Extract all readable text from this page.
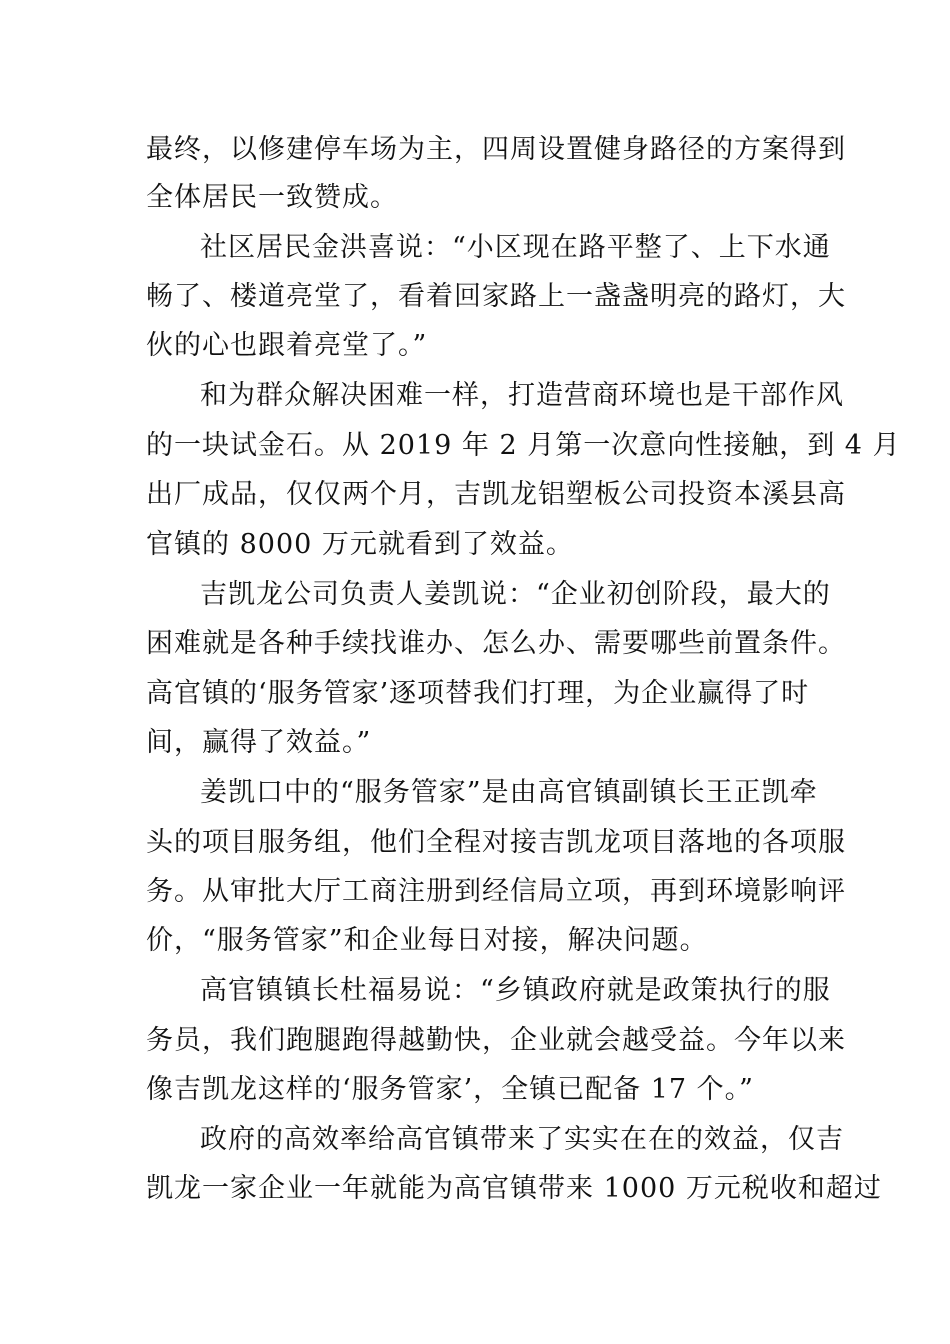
最终，以修建停车场为主，四周设置健身路径的方案得到
全体居民一致赞成。
社区居民金洪喜说：“小区现在路平整了、上下水通
畅了、楼道亮堂了，看着回家路上一盏盏明亮的路灯，大
伙的心也跟着亮堂了。”
和为群众解决困难一样，打造营商环境也是干部作风
的一块试金石。从 2019 年 2 月第一次意向性接触，到 4 月
出厂成品，仅仅两个月，吉凯龙铝塑板公司投资本溪县高
官镇的 8000 万元就看到了效益。
吉凯龙公司负责人姜凯说：“企业初创阶段，最大的
困难就是各种手续找谁办、怎么办、需要哪些前置条件。
高官镇的‘服务管家’逐项替我们打理，为企业赢得了时
间，赢得了效益。”
姜凯口中的“服务管家”是由高官镇副镇长王正凯牵
头的项目服务组，他们全程对接吉凯龙项目落地的各项服
务。从审批大厅工商注册到经信局立项，再到环境影响评
价，“服务管家”和企业每日对接，解决问题。
高官镇镇长杜福易说：“乡镇政府就是政策执行的服
务员，我们跑腿跑得越勤快，企业就会越受益。今年以来
像吉凯龙这样的‘服务管家’，全镇已配备 17 个。”
政府的高效率给高官镇带来了实实在在的效益，仅吉
凯龙一家企业一年就能为高官镇带来 1000 万元税收和超过
